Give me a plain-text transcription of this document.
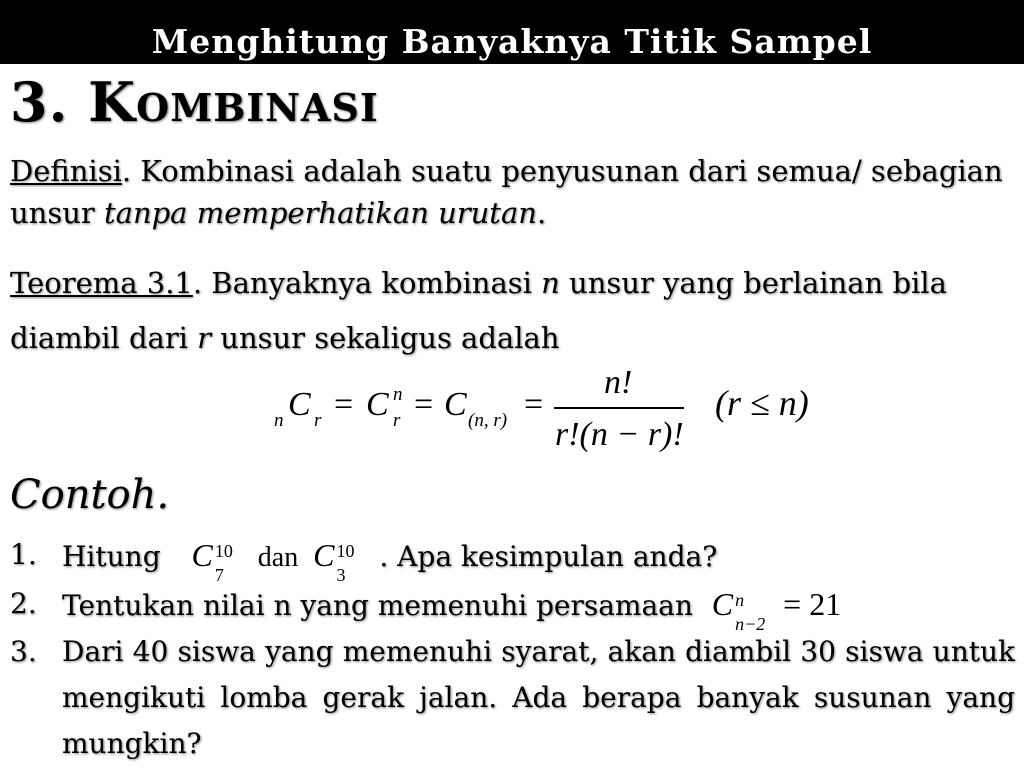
Menghitung Banyaknya Titik Sampel
3. Kombinasi
Definisi. Kombinasi adalah suatu penyusunan dari semua/ sebagian unsur tanpa memperhatikan urutan.
Teorema 3.1. Banyaknya kombinasi n unsur yang berlainan bila diambil dari r unsur sekaligus adalah
n C r = C n
r = C (n, r) =
n!
r!(n − r)!
(r ≤ n)
Contoh.
1. Hitung C 10
7
dan C 10
3
. Apa kesimpulan anda?
2. Tentukan nilai n yang memenuhi persamaan C n
n−2
= 21
3. Dari 40 siswa yang memenuhi syarat, akan diambil 30 siswa untuk mengikuti lomba gerak jalan. Ada berapa banyak susunan yang mungkin?
